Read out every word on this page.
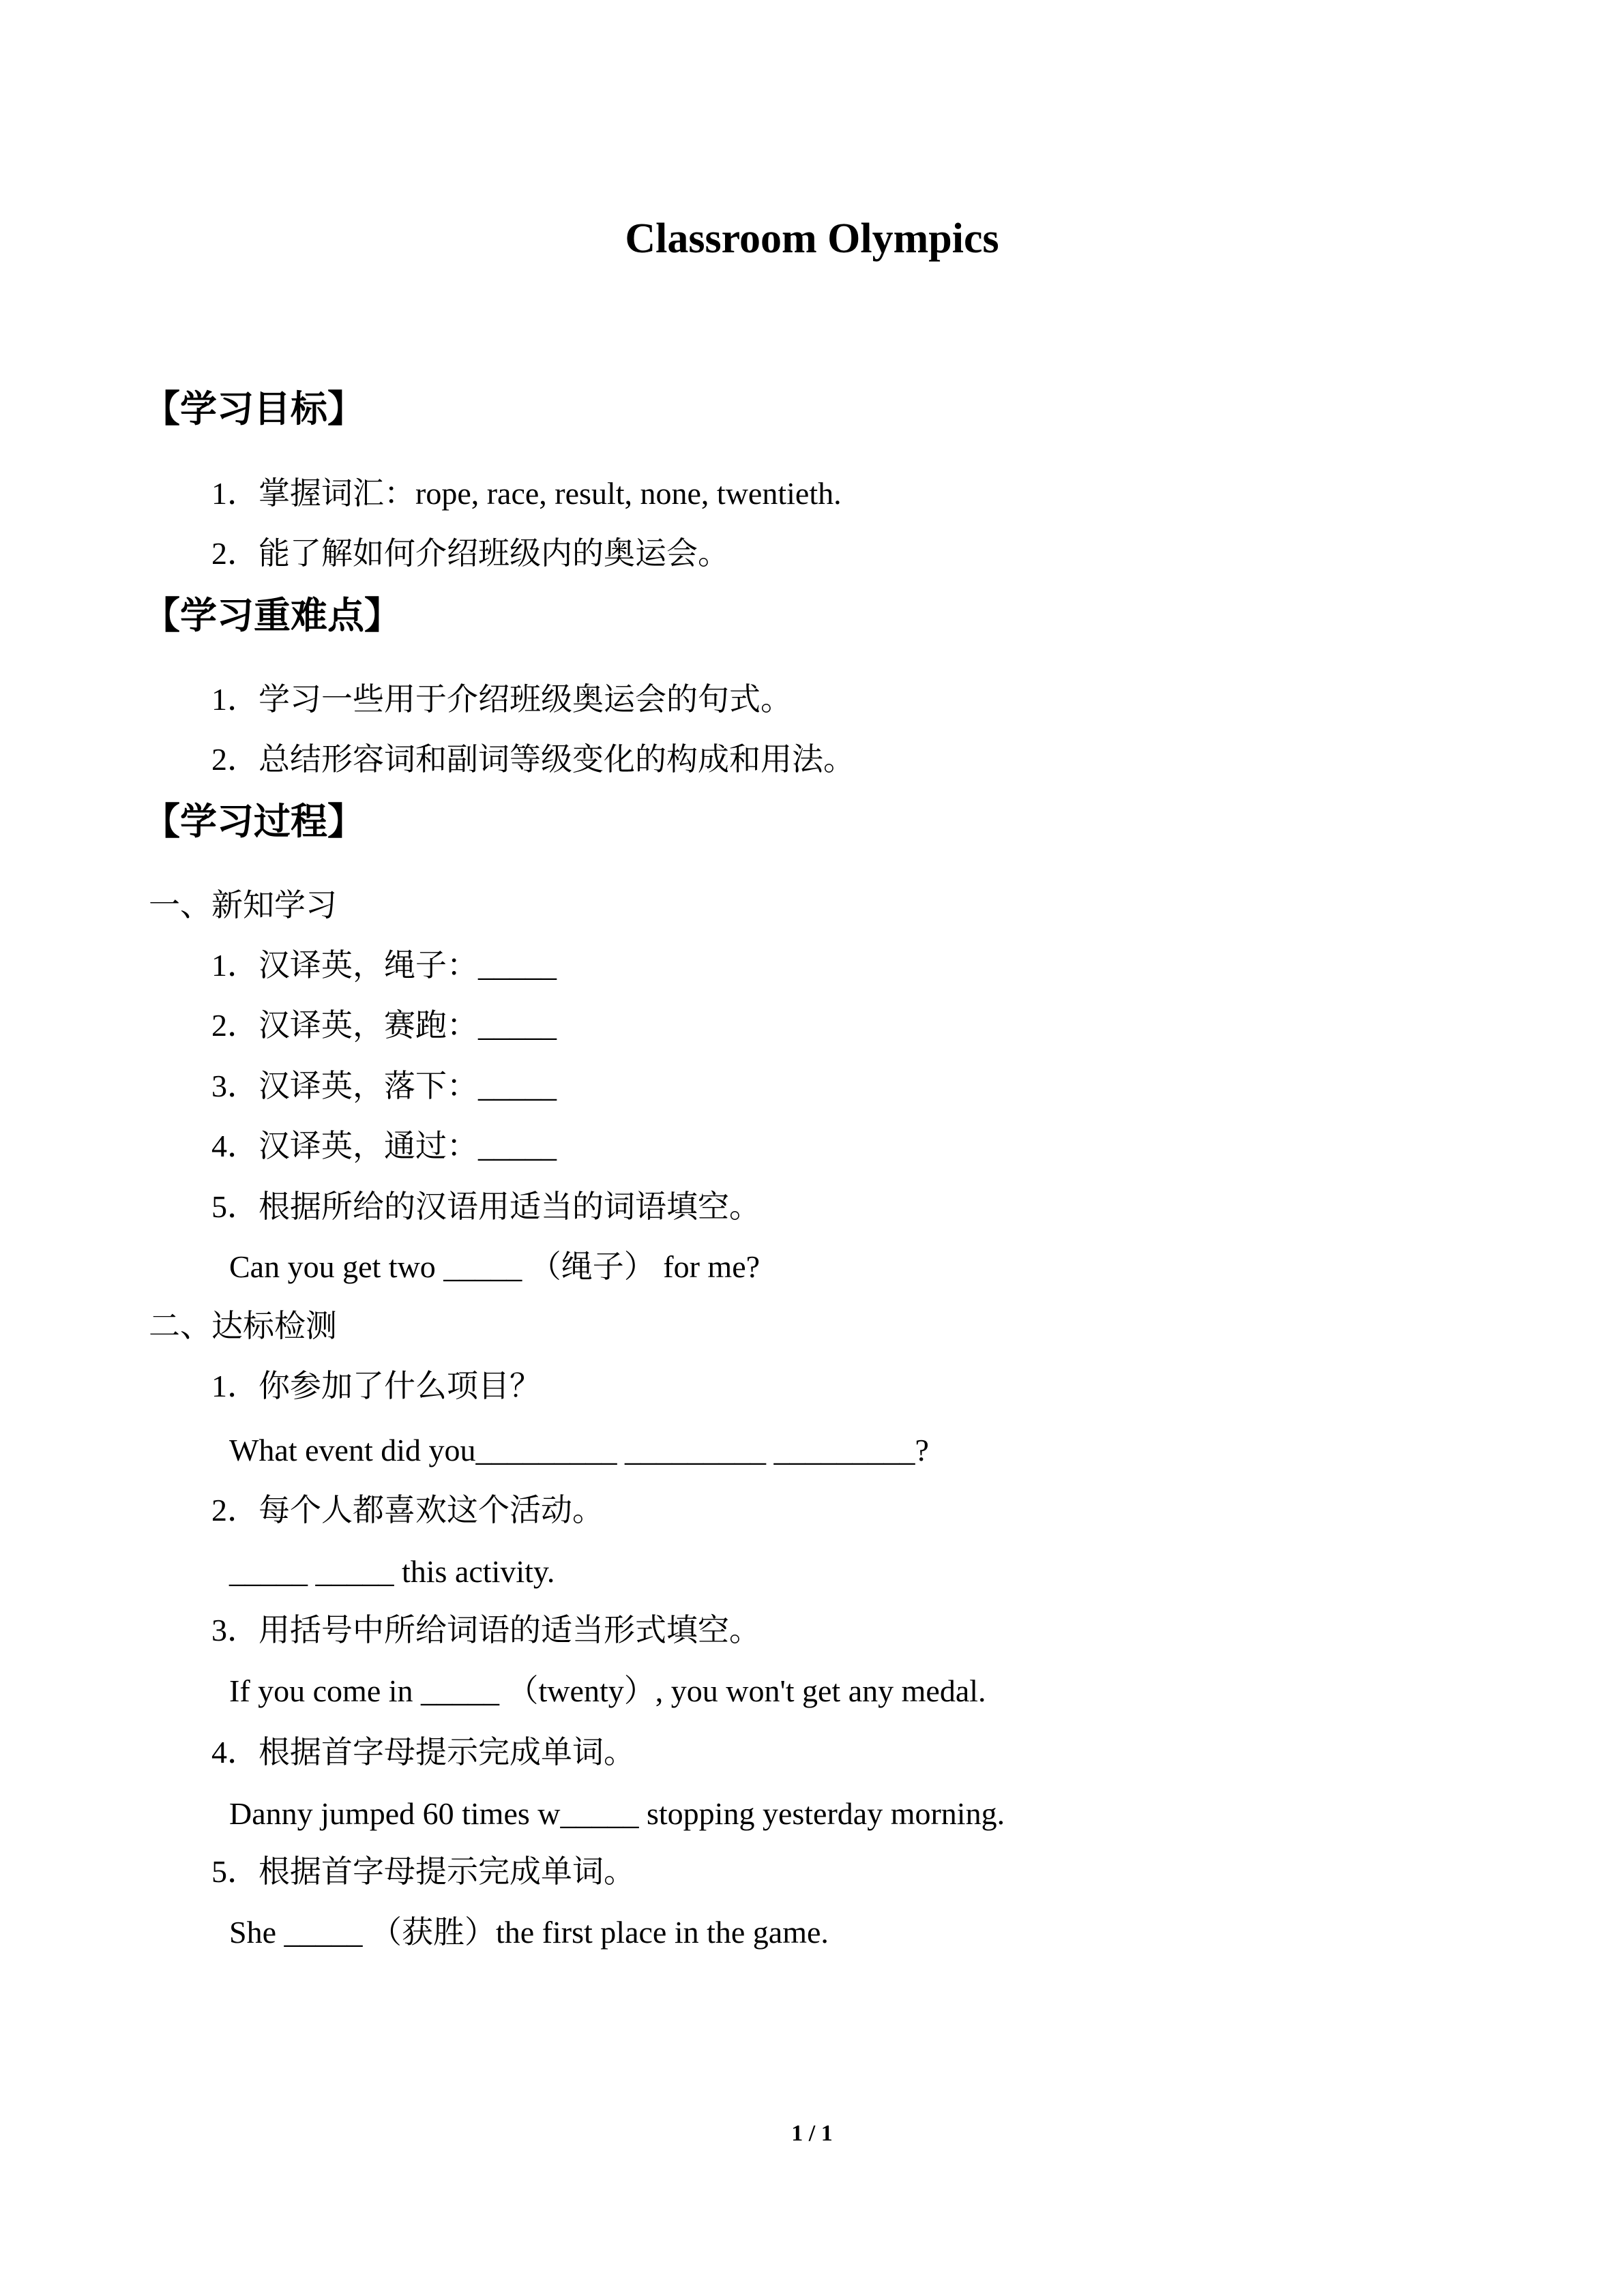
Classroom Olympics
【学习目标】
1．掌握词汇：rope, race, result, none, twentieth.
2．能了解如何介绍班级内的奥运会。
【学习重难点】
1．学习一些用于介绍班级奥运会的句式。
2．总结形容词和副词等级变化的构成和用法。
【学习过程】
一、新知学习
1．汉译英，绳子：_____
2．汉译英，赛跑：_____
3．汉译英，落下：_____
4．汉译英，通过：_____
5．根据所给的汉语用适当的词语填空。
Can you get two _____ （绳子） for me?
二、达标检测
1．你参加了什么项目？
What event did you_________ _________ _________?
2．每个人都喜欢这个活动。
_____ _____ this activity.
3．用括号中所给词语的适当形式填空。
If you come in _____ （twenty）, you won't get any medal.
4．根据首字母提示完成单词。
Danny jumped 60 times w_____ stopping yesterday morning.
5．根据首字母提示完成单词。
She _____ （获胜）the first place in the game.
1 / 1
